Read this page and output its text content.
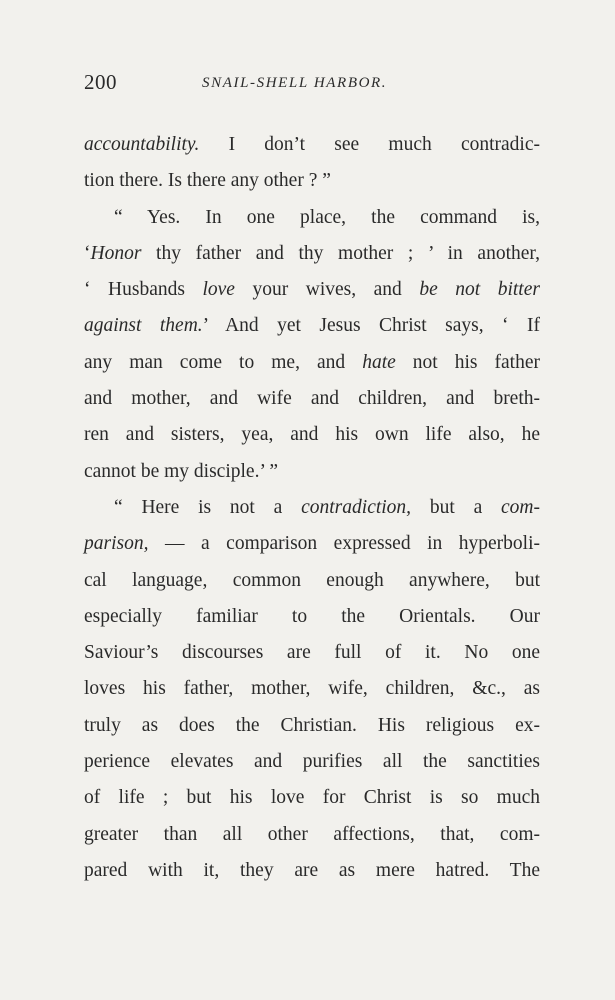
200	SNAIL-SHELL HARBOR.
accountability. I don’t see much contradic-
tion there. Is there any other ? ”
“ Yes. In one place, the command is,
‘Honor thy father and thy mother ; ’ in another,
‘ Husbands love your wives, and be not bitter
against them.’ And yet Jesus Christ says, ‘ If
any man come to me, and hate not his father
and mother, and wife and children, and breth-
ren and sisters, yea, and his own life also, he
cannot be my disciple.’ ”
“ Here is not a contradiction, but a com-
parison, — a comparison expressed in hyperboli-
cal language, common enough anywhere, but
especially familiar to the Orientals. Our
Saviour’s discourses are full of it. No one
loves his father, mother, wife, children, &c., as
truly as does the Christian. His religious ex-
perience elevates and purifies all the sanctities
of life ; but his love for Christ is so much
greater than all other affections, that, com-
pared with it, they are as mere hatred. The
